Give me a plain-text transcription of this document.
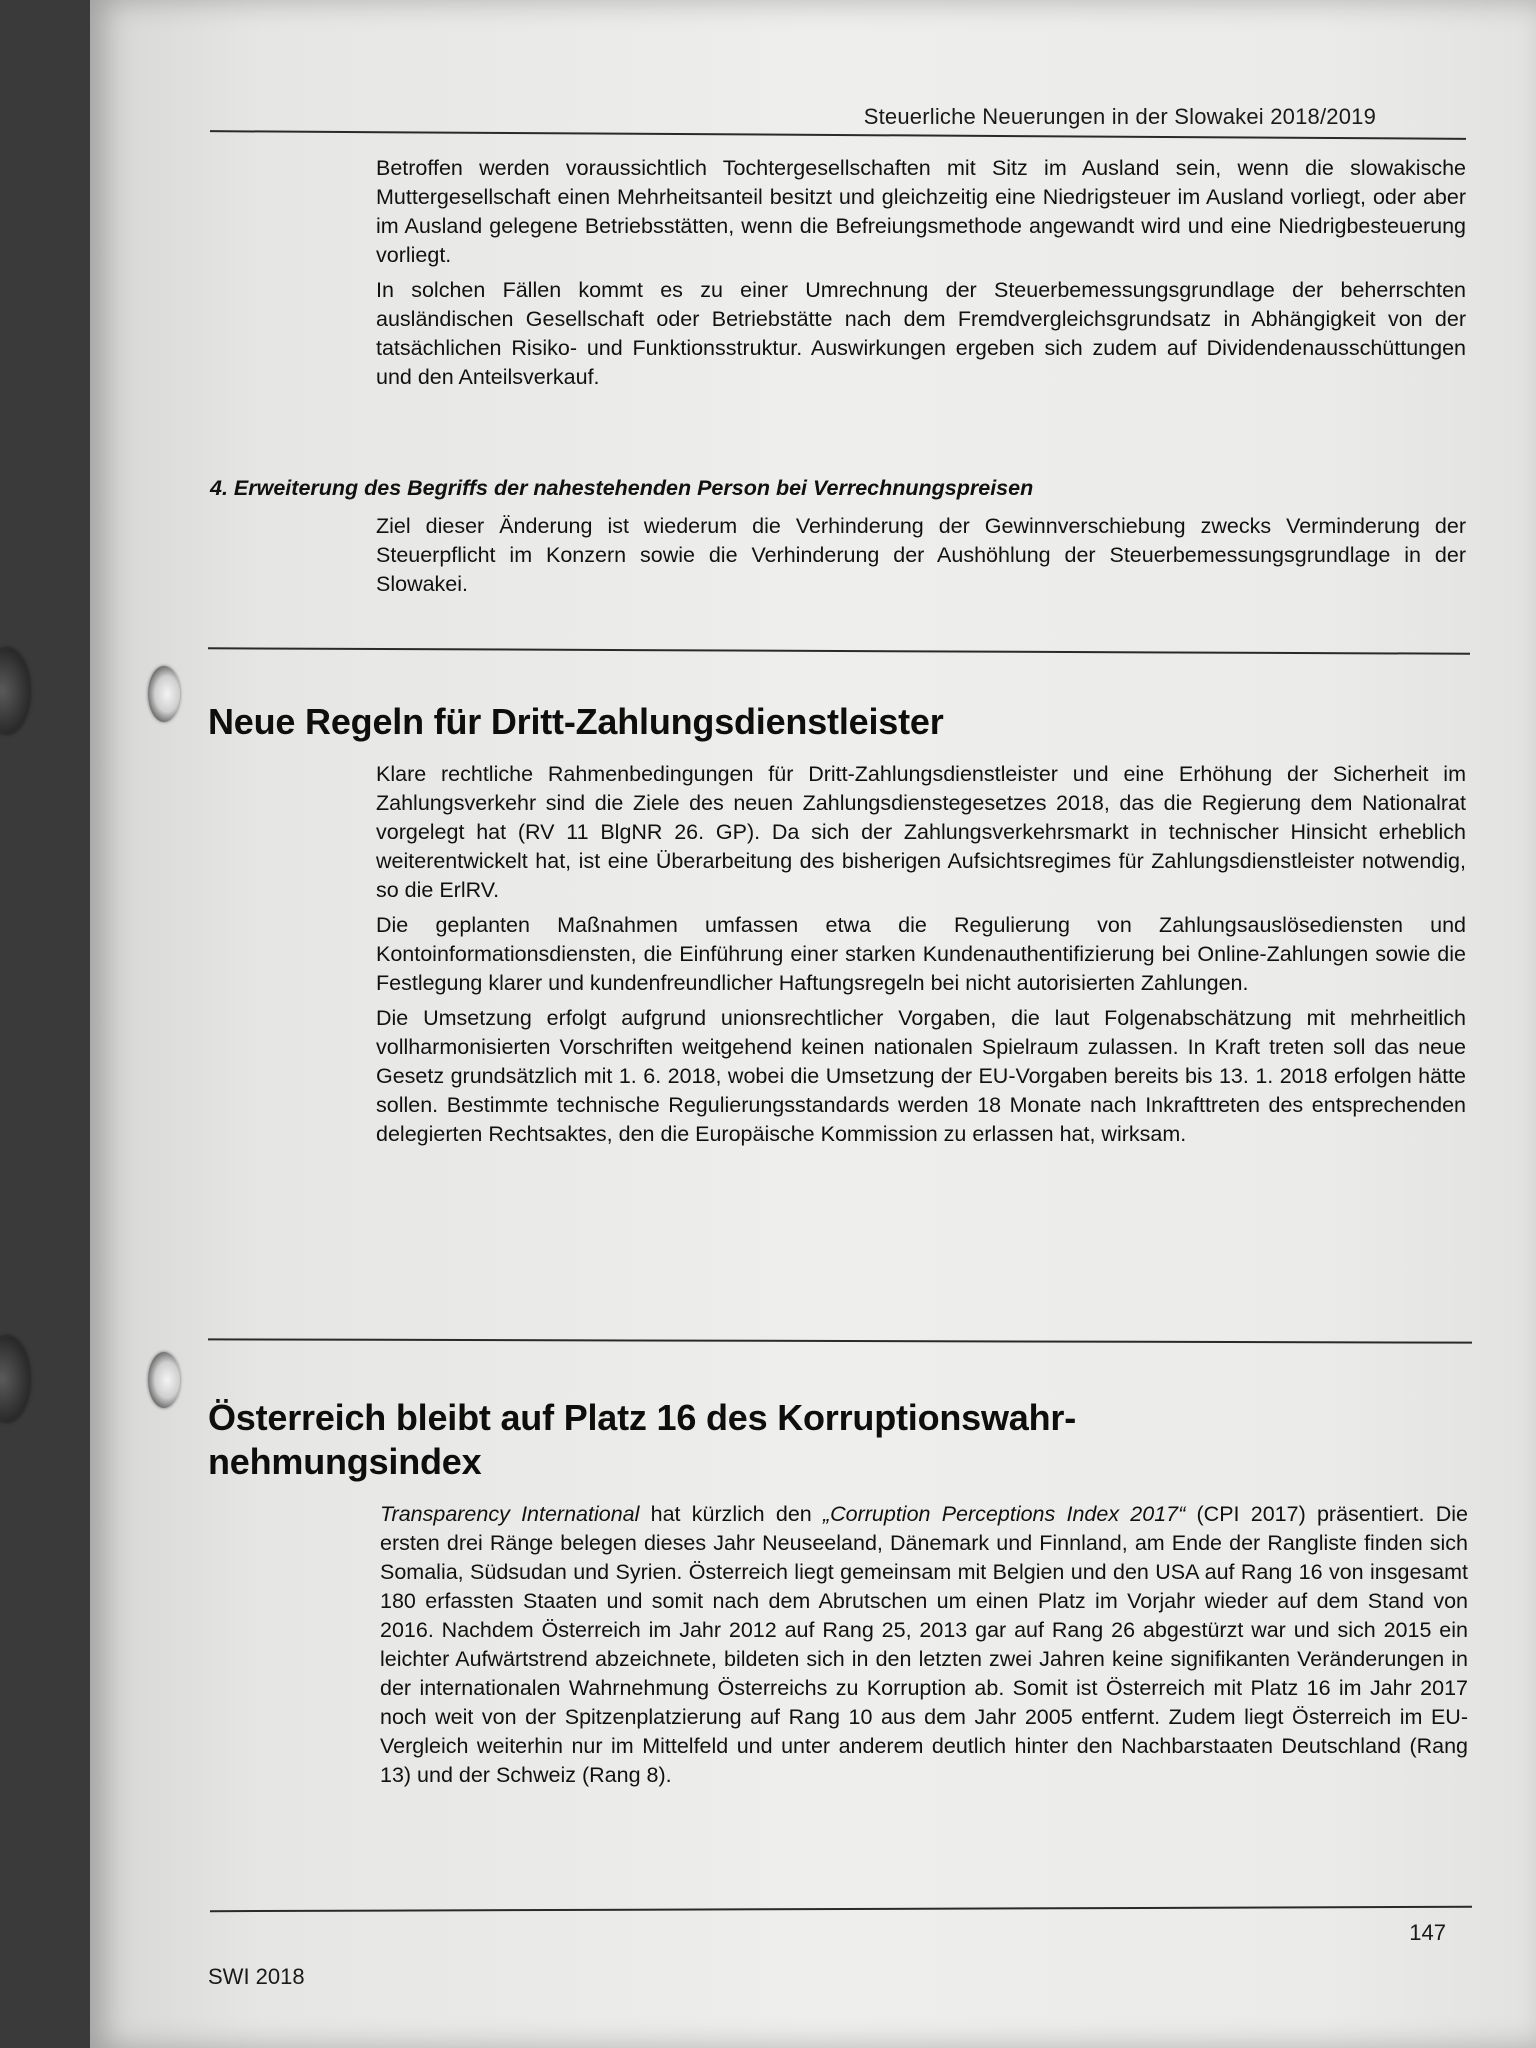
Steuerliche Neuerungen in der Slowakei 2018/2019

Betroffen werden voraussichtlich Tochtergesellschaften mit Sitz im Ausland sein, wenn die slowakische Muttergesellschaft einen Mehrheitsanteil besitzt und gleichzeitig eine Niedrigsteuer im Ausland vorliegt, oder aber im Ausland gelegene Betriebsstätten, wenn die Befreiungsmethode angewandt wird und eine Niedrigbesteuerung vorliegt.

In solchen Fällen kommt es zu einer Umrechnung der Steuerbemessungsgrundlage der beherrschten ausländischen Gesellschaft oder Betriebstätte nach dem Fremdvergleichsgrundsatz in Abhängigkeit von der tatsächlichen Risiko- und Funktionsstruktur. Auswirkungen ergeben sich zudem auf Dividendenausschüttungen und den Anteilsverkauf.

4. Erweiterung des Begriffs der nahestehenden Person bei Verrechnungspreisen

Ziel dieser Änderung ist wiederum die Verhinderung der Gewinnverschiebung zwecks Verminderung der Steuerpflicht im Konzern sowie die Verhinderung der Aushöhlung der Steuerbemessungsgrundlage in der Slowakei.

Neue Regeln für Dritt-Zahlungsdienstleister

Klare rechtliche Rahmenbedingungen für Dritt-Zahlungsdienstleister und eine Erhöhung der Sicherheit im Zahlungsverkehr sind die Ziele des neuen Zahlungsdienstegesetzes 2018, das die Regierung dem Nationalrat vorgelegt hat (RV 11 BlgNR 26. GP). Da sich der Zahlungsverkehrsmarkt in technischer Hinsicht erheblich weiterentwickelt hat, ist eine Überarbeitung des bisherigen Aufsichtsregimes für Zahlungsdienstleister notwendig, so die ErlRV.

Die geplanten Maßnahmen umfassen etwa die Regulierung von Zahlungsauslösediensten und Kontoinformationsdiensten, die Einführung einer starken Kundenauthentifizierung bei Online-Zahlungen sowie die Festlegung klarer und kundenfreundlicher Haftungsregeln bei nicht autorisierten Zahlungen.

Die Umsetzung erfolgt aufgrund unionsrechtlicher Vorgaben, die laut Folgenabschätzung mit mehrheitlich vollharmonisierten Vorschriften weitgehend keinen nationalen Spielraum zulassen. In Kraft treten soll das neue Gesetz grundsätzlich mit 1. 6. 2018, wobei die Umsetzung der EU-Vorgaben bereits bis 13. 1. 2018 erfolgen hätte sollen. Bestimmte technische Regulierungsstandards werden 18 Monate nach Inkrafttreten des entsprechenden delegierten Rechtsaktes, den die Europäische Kommission zu erlassen hat, wirksam.

Österreich bleibt auf Platz 16 des Korruptionswahr-
nehmungsindex

Transparency International hat kürzlich den „Corruption Perceptions Index 2017“ (CPI 2017) präsentiert. Die ersten drei Ränge belegen dieses Jahr Neuseeland, Dänemark und Finnland, am Ende der Rangliste finden sich Somalia, Südsudan und Syrien. Österreich liegt gemeinsam mit Belgien und den USA auf Rang 16 von insgesamt 180 erfassten Staaten und somit nach dem Abrutschen um einen Platz im Vorjahr wieder auf dem Stand von 2016. Nachdem Österreich im Jahr 2012 auf Rang 25, 2013 gar auf Rang 26 abgestürzt war und sich 2015 ein leichter Aufwärtstrend abzeichnete, bildeten sich in den letzten zwei Jahren keine signifikanten Veränderungen in der internationalen Wahrnehmung Österreichs zu Korruption ab. Somit ist Österreich mit Platz 16 im Jahr 2017 noch weit von der Spitzenplatzierung auf Rang 10 aus dem Jahr 2005 entfernt. Zudem liegt Österreich im EU-Vergleich weiterhin nur im Mittelfeld und unter anderem deutlich hinter den Nachbarstaaten Deutschland (Rang 13) und der Schweiz (Rang 8).

147
SWI 2018
